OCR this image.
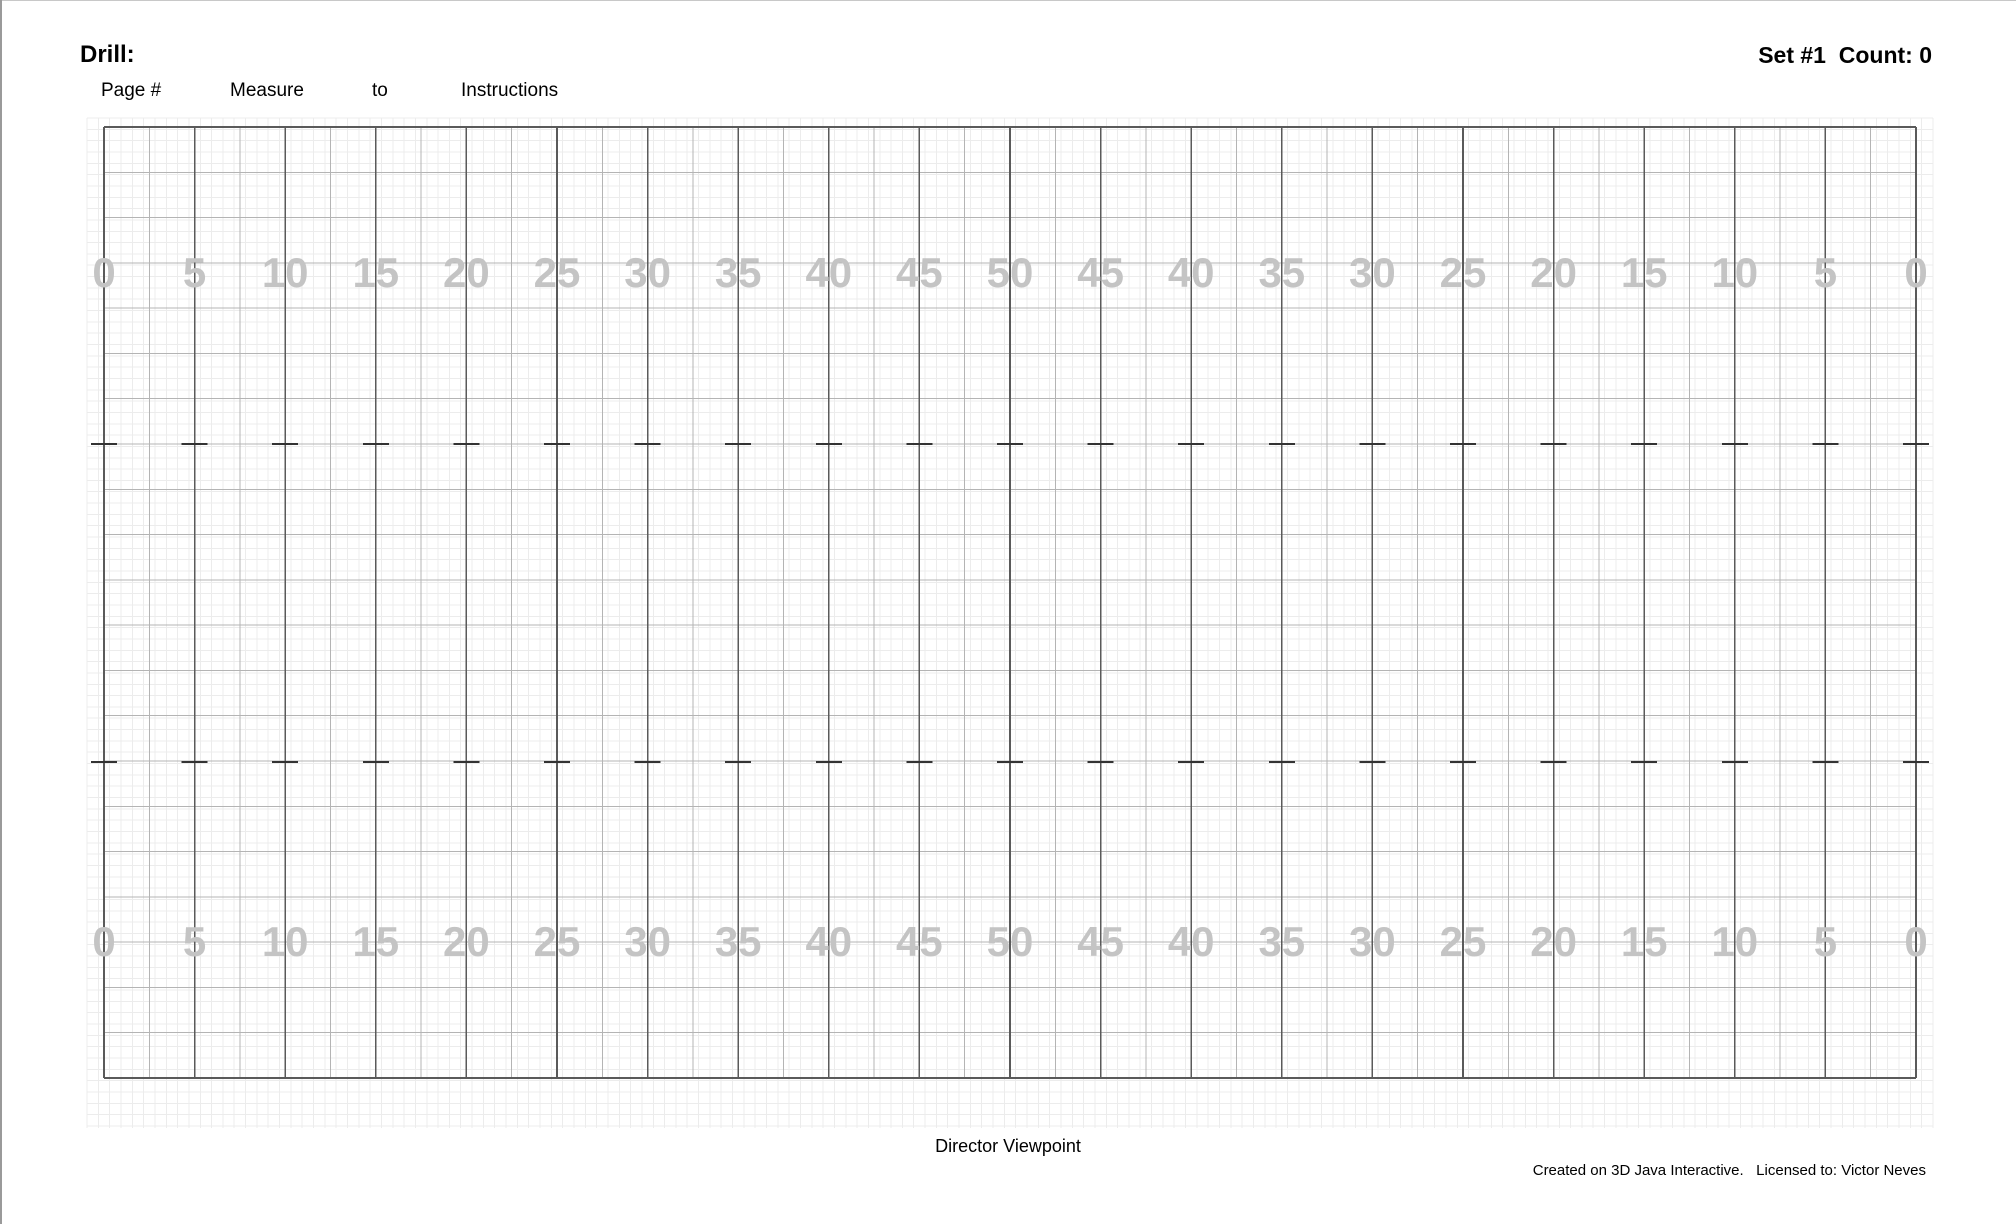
Drill:	Set #1  Count: 0
Page #	Measure	to	Instructions
0 5 10 15 20 25 30 35 40 45 50 45 40 35 30 25 20 15 10 5 0
0 5 10 15 20 25 30 35 40 45 50 45 40 35 30 25 20 15 10 5 0
Director Viewpoint
Created on 3D Java Interactive.   Licensed to: Victor Neves
